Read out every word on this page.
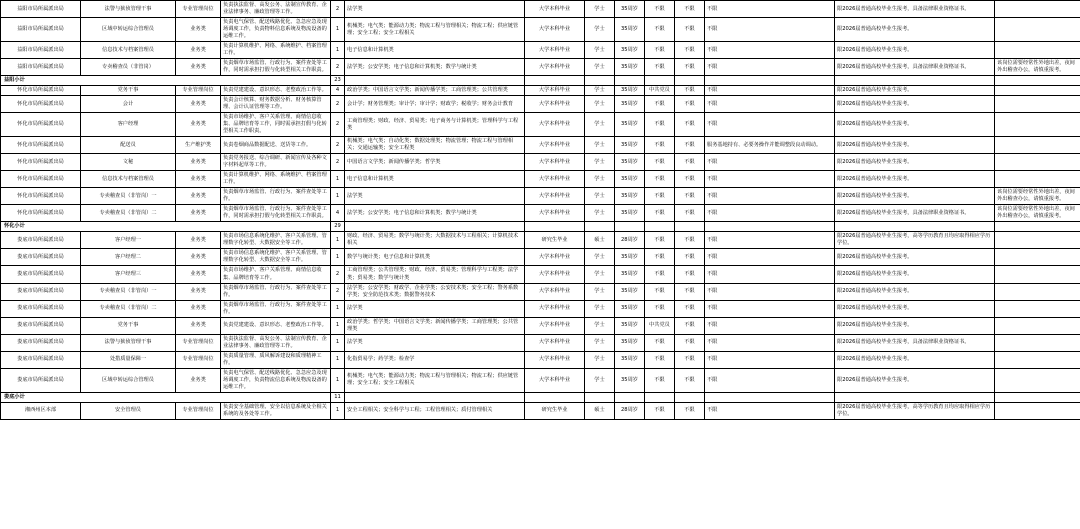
益阳市局所属派出局	法警与狱侦管理干事	专业管理岗位	负责执法监督、高发公务、法制宣传教育、企业法律事务、廉政管理等工作。	2	法学类	大学本科毕业	学士	35周岁	不限	不限	不限	限2026届普通高校毕业生报考，具备法律职业资格证书。	
益阳市局所属派出局	区域中转运综合管理员	业务类	负责电气保管、配送线路优化、急急应急及现场调度工作，负责物料信息系统及物流设备的运维工作。	1	机械类；电气类；能源动力类；物流工程与管理相关；物流工程；供应链管理；安全工程；安全工程相关	大学本科毕业	学士	35周岁	不限	不限	不限	限2026届普通高校毕业生报考。	
益阳市局所属派出局	信息技术与档案管理员	业务类	负责计算机维护、网络、系统维护、档案管理工作。	1	电子信息和计算机类	大学本科毕业	学士	35周岁	不限	不限	不限	限2026届普通高校毕业生报考。	
益阳市局所属派出局	专卖稽查员（非管岗）	业务类	负责烟草市场监管、行政行为、案件查处等工作，同时需承担打假与化转型相关工作职责。	2	法学类；公安学类；电子信息和计算机类；数学与统计类	大学本科毕业	学士	35周岁	不限	不限	不限	限2026届普通高校毕业生报考，具备法律职业资格证书。	该岗位需要经常性外地出差，夜间外出稽查办公，请慎重报考。
益阳小计				23									
怀化市局所属派出局	党务干事	专业管理岗位	负责党建建设、意识形态、老整政治工作等。	4	政治学类；中国语言文学类；新闻传播学类；工商管理类；公共管理类	大学本科毕业	学士	35周岁	中共党员	不限	不限	限2026届普通高校毕业生报考。	
怀化市局所属派出局	会计	业务类	负责会计核算、财务数据分析、财务核算管理、会计认证管理等工作。	2	会计学；财务管理类；审计学；审计学；财政学；税收学；财务会计教育	大学本科毕业	学士	35周岁	不限	不限	不限	限2026届普通高校毕业生报考。	
怀化市局所属派出局	客户经理	业务类	负责市场维护、客户关系管理、商情信息收集、品牌培育等工作，同时需承担打假与化转型相关工作职责。	2	工商管理类；财政、经济、贸易类；电子商务与计算机类；管理科学与工程类	大学本科毕业	学士	35周岁	不限	不限	不限	限2026届普通高校毕业生报考。	
怀化市局所属派出局	配送员	生产维护类	负责卷烟商品数据配送、送货等工作。	2	机械类；电气类；自动化类；数据处理类；物流管理；物流工程与管理相关；交通运输类；安全工程类	大学本科毕业	学士	35周岁	不限	不限	服务基地持有、必要务操作并能调整段良动调动。	限2026届普通高校毕业生报考。	
怀化市局所属派出局	文秘	业务类	负责党务报送、综合调研、新闻宣传及各种文字材料起草等工作。	2	中国语言文学类；新闻传播学类；哲学类	大学本科毕业	学士	35周岁	不限	不限	不限	限2026届普通高校毕业生报考。	
怀化市局所属派出局	信息技术与档案管理员	业务类	负责计算机维护、网络、系统维护、档案管理工作。	1	电子信息和计算机类	大学本科毕业	学士	35周岁	不限	不限	不限	限2026届普通高校毕业生报考。	
怀化市局所属派出局	专卖稽查员（非管岗）一	业务类	负责烟草市场监管、行政行为、案件查处等工作。	1	法学类	大学本科毕业	学士	35周岁	不限	不限	不限	限2026届普通高校毕业生报考。	该岗位需要经常性外地出差，夜间外出稽查办公，请慎重报考。
怀化市局所属派出局	专卖稽查员（非管岗）二	业务类	负责烟草市场监管、行政行为、案件查处等工作，同时需承担打假与化转型相关工作职责。	4	法学类；公安学类；电子信息和计算机类；数学与统计类	大学本科毕业	学士	35周岁	不限	不限	不限	限2026届普通高校毕业生报考，具备法律职业资格证书。	该岗位需要经常性外地出差，夜间外出稽查办公，请慎重报考。
怀化小计				29									
娄底市局所属派出局	客户经理一	业务类	负责市场信息系统化维护、客户关系管理、管理数字化转型、大数据安全等工作。	1	财政、经济、贸易类；数学与统计类；大数据技术与工程相关；计算机技术相关	研究生毕业	硕士	28周岁	不限	不限	不限	限2026届普通高校毕业生报考，高等学历教育且均应取得相应学历学位。	
娄底市局所属派出局	客户经理二	业务类	负责市场信息系统化维护、客户关系管理、管理数字化转型、大数据安全等工作。	1	数学与统计类；电子信息和计算机类	大学本科毕业	学士	35周岁	不限	不限	不限	限2026届普通高校毕业生报考。	
娄底市局所属派出局	客户经理三	业务类	负责市场维护、客户关系管理、商情信息收集、品牌培育等工作。	2	工商管理类；公共管理类；财政、经济、贸易类；管理科学与工程类；法学类；贸易类；数学与统计类	大学本科毕业	学士	35周岁	不限	不限	不限	限2026届普通高校毕业生报考。	
娄底市局所属派出局	专卖稽查员（非管岗）一	业务类	负责烟草市场监管、行政行为、案件查处等工作。	2	法学类；公安学类；财政学、企业学类；公安技术类；安全工程；警务系数学类；安全防范技术类；数据警务技术	大学本科毕业	学士	35周岁	不限	不限	不限	限2026届普通高校毕业生报考。	
娄底市局所属派出局	专卖稽查员（非管岗）二	业务类	负责烟草市场监管、行政行为、案件查处等工作。	1	法学类	大学本科毕业	学士	35周岁	不限	不限	不限	限2026届普通高校毕业生报考。	
娄底市局所属派出局	党务干事	业务类	负责党建建设、意识形态、老整政治工作等。	1	政治学类；哲学类；中国语言文学类；新闻传播学类；工商管理类；公共管理类	大学本科毕业	学士	35周岁	中共党员	不限	不限	限2026届普通高校毕业生报考。	
娄底市局所属派出局	法警与狱侦管理干事	专业管理岗位	负责执法监督、高发公务、法制宣传教育、企业法律事务、廉政管理等工作。	1	法学类	大学本科毕业	学士	35周岁	不限	不限	不限	限2026届普通高校毕业生报考，具备法律职业资格证书。	
娄底市局所属派出局	处措质量保障一	专业管理岗位	负责质量管理、质风解诉建设和质理精神工作。	1	化指贸易学；药学类；检查学	大学本科毕业	学士	35周岁	不限	不限	不限	限2026届普通高校毕业生报考。	
娄底市局所属派出局	区域中转运综合管理员	业务类	负责电气保管、配送线路优化、急急应急及现场调度工作，负责物流信息系统及物流设备的运维工作。	1	机械类；电气类；能源动力类；物流工程与管理相关；物流工程；供应链管理；安全工程；安全工程相关	大学本科毕业	学士	35周岁	不限	不限	不限	限2026届普通高校毕业生报考。	
娄底小计				11									
湘西州区本部	安全管理员	专业管理岗位	负责安全基础管理、安全以信息系统及全相关系统的及各处等工作。	1	安全工程相关；安全科学与工程；工程管理相关；质付管理相关	研究生毕业	硕士	28周岁	不限	不限	不限	限2026届普通高校毕业生报考，高等学历教育且均应取得相应学历学位。	
